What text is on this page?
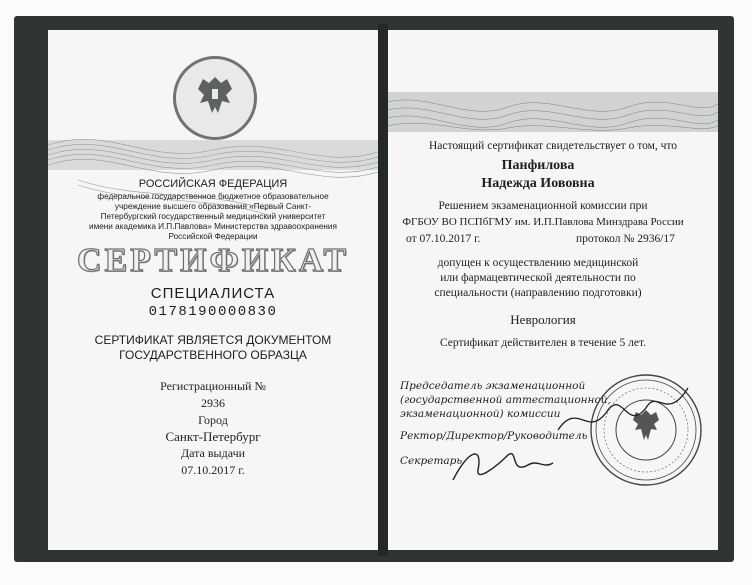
РОССИЙСКАЯ ФЕДЕРАЦИЯ
федеральное государственное бюджетное образовательное
учреждение высшего образования «Первый Санкт-
Петербургский государственный медицинский университет
имени академика И.П.Павлова» Министерства здравоохранения
Российской Федерации
СЕРТИФИКАТ
СПЕЦИАЛИСТА
0178190000830
СЕРТИФИКАТ ЯВЛЯЕТСЯ ДОКУМЕНТОМ
ГОСУДАРСТВЕННОГО ОБРАЗЦА
Регистрационный №
2936
Город
Санкт-Петербург
Дата выдачи
07.10.2017 г.
Настоящий сертификат свидетельствует о том, что
Панфилова
Надежда Иововна
Решением экзаменационной комиссии при
ФГБОУ ВО ПСПбГМУ им. И.П.Павлова Минздрава России
от 07.10.2017 г.	протокол № 2936/17
допущен к осуществлению медицинской
или фармацевтической деятельности по
специальности (направлению подготовки)
Неврология
Сертификат действителен в течение 5 лет.
Председатель экзаменационной
(государственной аттестационной,
экзаменационной) комиссии
Ректор/Директор/Руководитель
Секретарь
